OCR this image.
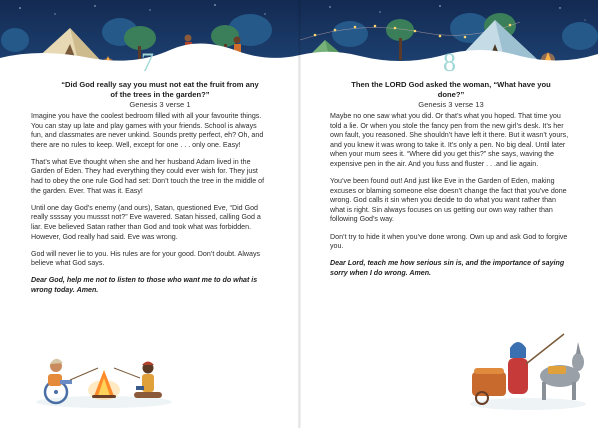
7
“Did God really say you must not eat the fruit from any of the trees in the garden?”
Genesis 3 verse 1

Imagine you have the coolest bedroom filled with all your favourite things. You can stay up late and play games with your friends. School is always fun, and classmates are never unkind. Sounds pretty perfect, eh? Oh, and there are no rules to keep. Well, except for one . . . only one. Easy!

That’s what Eve thought when she and her husband Adam lived in the Garden of Eden. They had everything they could ever wish for. They just had to obey the one rule God had set: Don’t touch the tree in the middle of the garden. Ever. That was it. Easy!

Until one day God’s enemy (and ours), Satan, questioned Eve, “Did God really ssssay you mussst not?” Eve wavered. Satan hissed, calling God a liar. Eve believed Satan rather than God and took what was forbidden. However, God really had said. Eve was wrong.

God will never lie to you. His rules are for your good. Don’t doubt. Always believe what God says.

Dear God, help me not to listen to those who want me to do what is wrong today. Amen.

8
Then the LORD God asked the woman, “What have you done?”
Genesis 3 verse 13

Maybe no one saw what you did. Or that’s what you hoped. That time you told a lie. Or when you stole the fancy pen from the new girl’s desk. It’s her own fault, you reasoned. She shouldn’t have left it there. But it wasn’t yours, and you knew it was wrong to take it. It’s only a pen. No big deal. Until later when your mum sees it. “Where did you get this?” she says, waving the expensive pen in the air. And you fuss and fluster . . .and lie again.

You’ve been found out! And just like Eve in the Garden of Eden, making excuses or blaming someone else doesn’t change the fact that you’ve done wrong. God calls it sin when you decide to do what you want rather than what is right. Sin always focuses on us getting our own way rather than following God’s way.

Don’t try to hide it when you’ve done wrong. Own up and ask God to forgive you.

Dear Lord, teach me how serious sin is, and the importance of saying sorry when I do wrong. Amen.
